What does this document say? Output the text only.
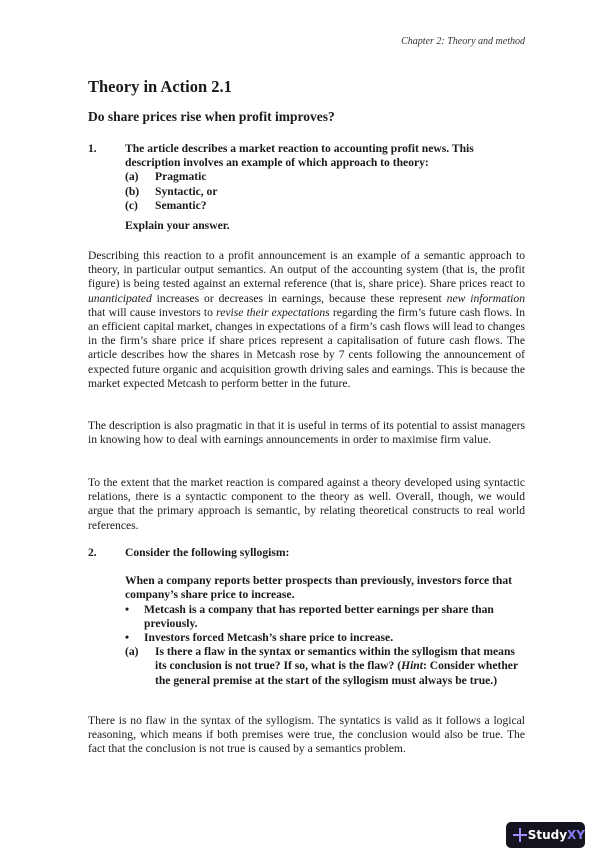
Chapter 2: Theory and method
Theory in Action 2.1
Do share prices rise when profit improves?
1. The article describes a market reaction to accounting profit news. This description involves an example of which approach to theory:
(a)	Pragmatic
(b)	Syntactic, or
(c)	Semantic?
Explain your answer.
Describing this reaction to a profit announcement is an example of a semantic approach to theory, in particular output semantics. An output of the accounting system (that is, the profit figure) is being tested against an external reference (that is, share price). Share prices react to unanticipated increases or decreases in earnings, because these represent new information that will cause investors to revise their expectations regarding the firm’s future cash flows. In an efficient capital market, changes in expectations of a firm’s cash flows will lead to changes in the firm’s share price if share prices represent a capitalisation of future cash flows. The article describes how the shares in Metcash rose by 7 cents following the announcement of expected future organic and acquisition growth driving sales and earnings. This is because the market expected Metcash to perform better in the future.
The description is also pragmatic in that it is useful in terms of its potential to assist managers in knowing how to deal with earnings announcements in order to maximise firm value.
To the extent that the market reaction is compared against a theory developed using syntactic relations, there is a syntactic component to the theory as well. Overall, though, we would argue that the primary approach is semantic, by relating theoretical constructs to real world references.
2. Consider the following syllogism:
When a company reports better prospects than previously, investors force that company’s share price to increase.
•	Metcash is a company that has reported better earnings per share than previously.
•	Investors forced Metcash’s share price to increase.
(a)	Is there a flaw in the syntax or semantics within the syllogism that means its conclusion is not true? If so, what is the flaw? (Hint: Consider whether the general premise at the start of the syllogism must always be true.)
There is no flaw in the syntax of the syllogism. The syntatics is valid as it follows a logical reasoning, which means if both premises were true, the conclusion would also be true. The fact that the conclusion is not true is caused by a semantics problem.
StudyXY
